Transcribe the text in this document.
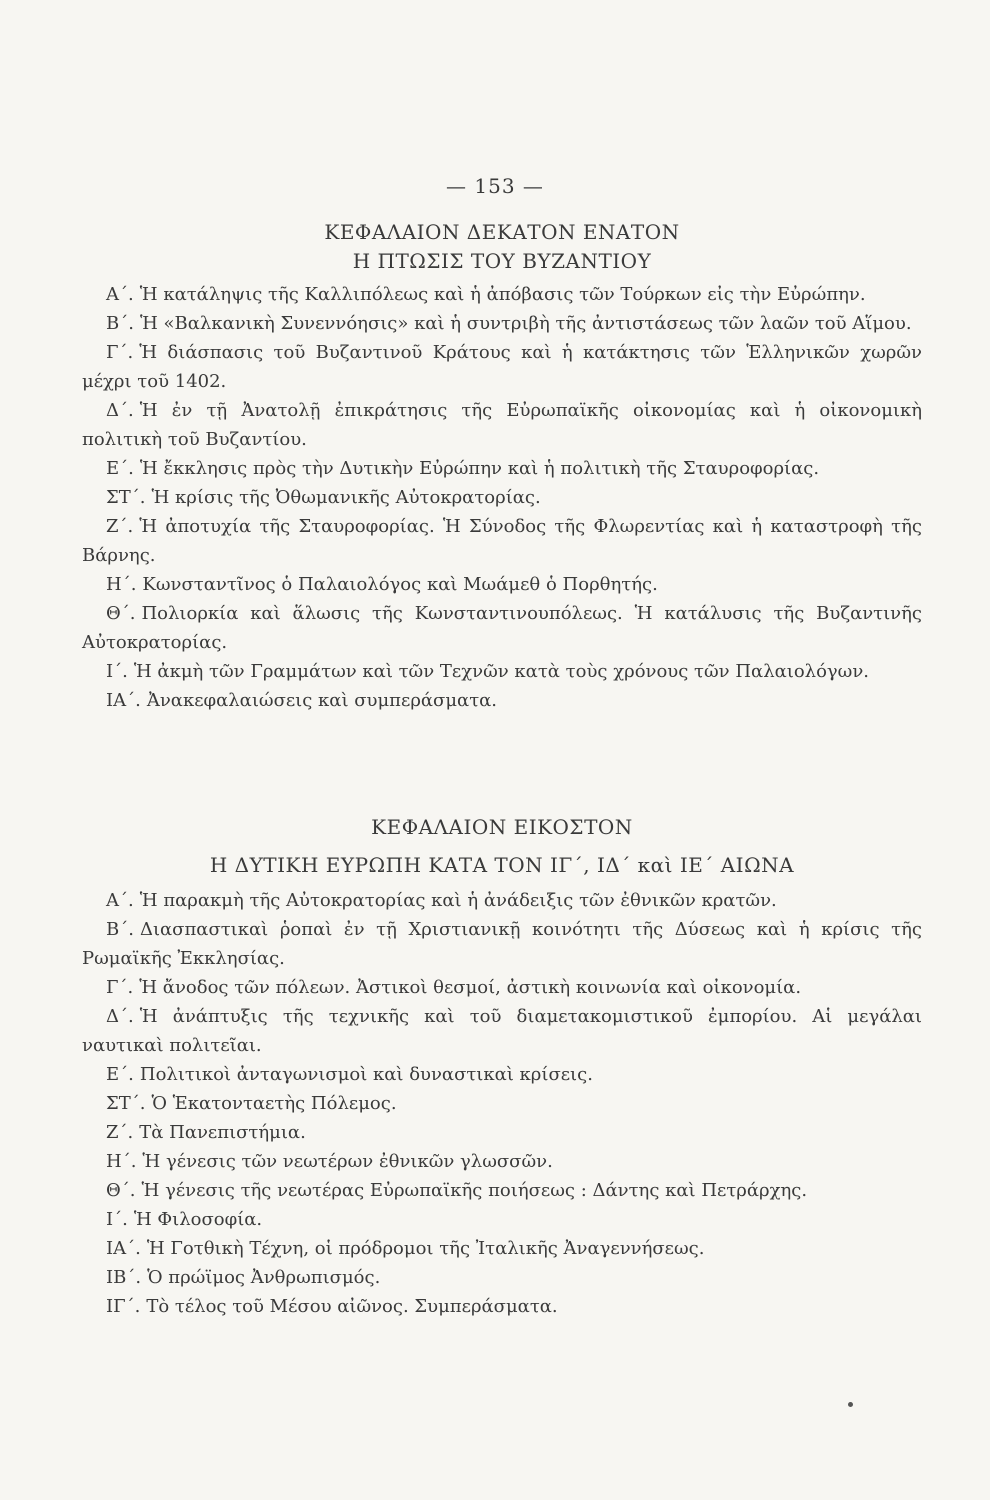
— 153 —
ΚΕΦΑΛΑΙΟΝ ΔΕΚΑΤΟΝ ΕΝΑΤΟΝ
Η ΠΤΩΣΙΣ ΤΟΥ ΒΥΖΑΝΤΙΟΥ
Α΄. Ἡ κατάληψις τῆς Καλλιπόλεως καὶ ἡ ἀπόβασις τῶν Τούρκων εἰς τὴν Εὐρώπην.
Β΄. Ἡ «Βαλκανικὴ Συνεννόησις» καὶ ἡ συντριβὴ τῆς ἀντιστάσεως τῶν λαῶν τοῦ Αἵμου.
Γ΄. Ἡ διάσπασις τοῦ Βυζαντινοῦ Κράτους καὶ ἡ κατάκτησις τῶν Ἑλληνικῶν χωρῶν μέχρι τοῦ 1402.
Δ΄. Ἡ ἐν τῇ Ἀνατολῇ ἐπικράτησις τῆς Εὐρωπαϊκῆς οἰκονομίας καὶ ἡ οἰκονομικὴ πολιτικὴ τοῦ Βυζαντίου.
Ε΄. Ἡ ἔκκλησις πρὸς τὴν Δυτικὴν Εὐρώπην καὶ ἡ πολιτικὴ τῆς Σταυροφορίας.
ΣΤ΄. Ἡ κρίσις τῆς Ὀθωμανικῆς Αὐτοκρατορίας.
Ζ΄. Ἡ ἀποτυχία τῆς Σταυροφορίας. Ἡ Σύνοδος τῆς Φλωρεντίας καὶ ἡ καταστροφὴ τῆς Βάρνης.
Η΄. Κωνσταντῖνος ὁ Παλαιολόγος καὶ Μωάμεθ ὁ Πορθητής.
Θ΄. Πολιορκία καὶ ἅλωσις τῆς Κωνσταντινουπόλεως. Ἡ κατάλυσις τῆς Βυζαντινῆς Αὐτοκρατορίας.
Ι΄. Ἡ ἀκμὴ τῶν Γραμμάτων καὶ τῶν Τεχνῶν κατὰ τοὺς χρόνους τῶν Παλαιολόγων.
ΙΑ΄. Ἀνακεφαλαιώσεις καὶ συμπεράσματα.
ΚΕΦΑΛΑΙΟΝ ΕΙΚΟΣΤΟΝ
Η ΔΥΤΙΚΗ ΕΥΡΩΠΗ ΚΑΤΑ ΤΟΝ ΙΓ΄, ΙΔ΄ καὶ ΙΕ΄ ΑΙΩΝΑ
Α΄. Ἡ παρακμὴ τῆς Αὐτοκρατορίας καὶ ἡ ἀνάδειξις τῶν ἐθνικῶν κρατῶν.
Β΄. Διασπαστικαὶ ῥοπαὶ ἐν τῇ Χριστιανικῇ κοινότητι τῆς Δύσεως καὶ ἡ κρίσις τῆς Ρωμαϊκῆς Ἐκκλησίας.
Γ΄. Ἡ ἄνοδος τῶν πόλεων. Ἀστικοὶ θεσμοί, ἀστικὴ κοινωνία καὶ οἰκονομία.
Δ΄. Ἡ ἀνάπτυξις τῆς τεχνικῆς καὶ τοῦ διαμετακομιστικοῦ ἐμπορίου. Αἱ μεγάλαι ναυτικαὶ πολιτεῖαι.
Ε΄. Πολιτικοὶ ἀνταγωνισμοὶ καὶ δυναστικαὶ κρίσεις.
ΣΤ΄. Ὁ Ἑκατονταετὴς Πόλεμος.
Ζ΄. Τὰ Πανεπιστήμια.
Η΄. Ἡ γένεσις τῶν νεωτέρων ἐθνικῶν γλωσσῶν.
Θ΄. Ἡ γένεσις τῆς νεωτέρας Εὐρωπαϊκῆς ποιήσεως : Δάντης καὶ Πετράρχης.
Ι΄. Ἡ Φιλοσοφία.
ΙΑ΄. Ἡ Γοτθικὴ Τέχνη, οἱ πρόδρομοι τῆς Ἰταλικῆς Ἀναγεννήσεως.
ΙΒ΄. Ὁ πρώϊμος Ἀνθρωπισμός.
ΙΓ΄. Τὸ τέλος τοῦ Μέσου αἰῶνος. Συμπεράσματα.
